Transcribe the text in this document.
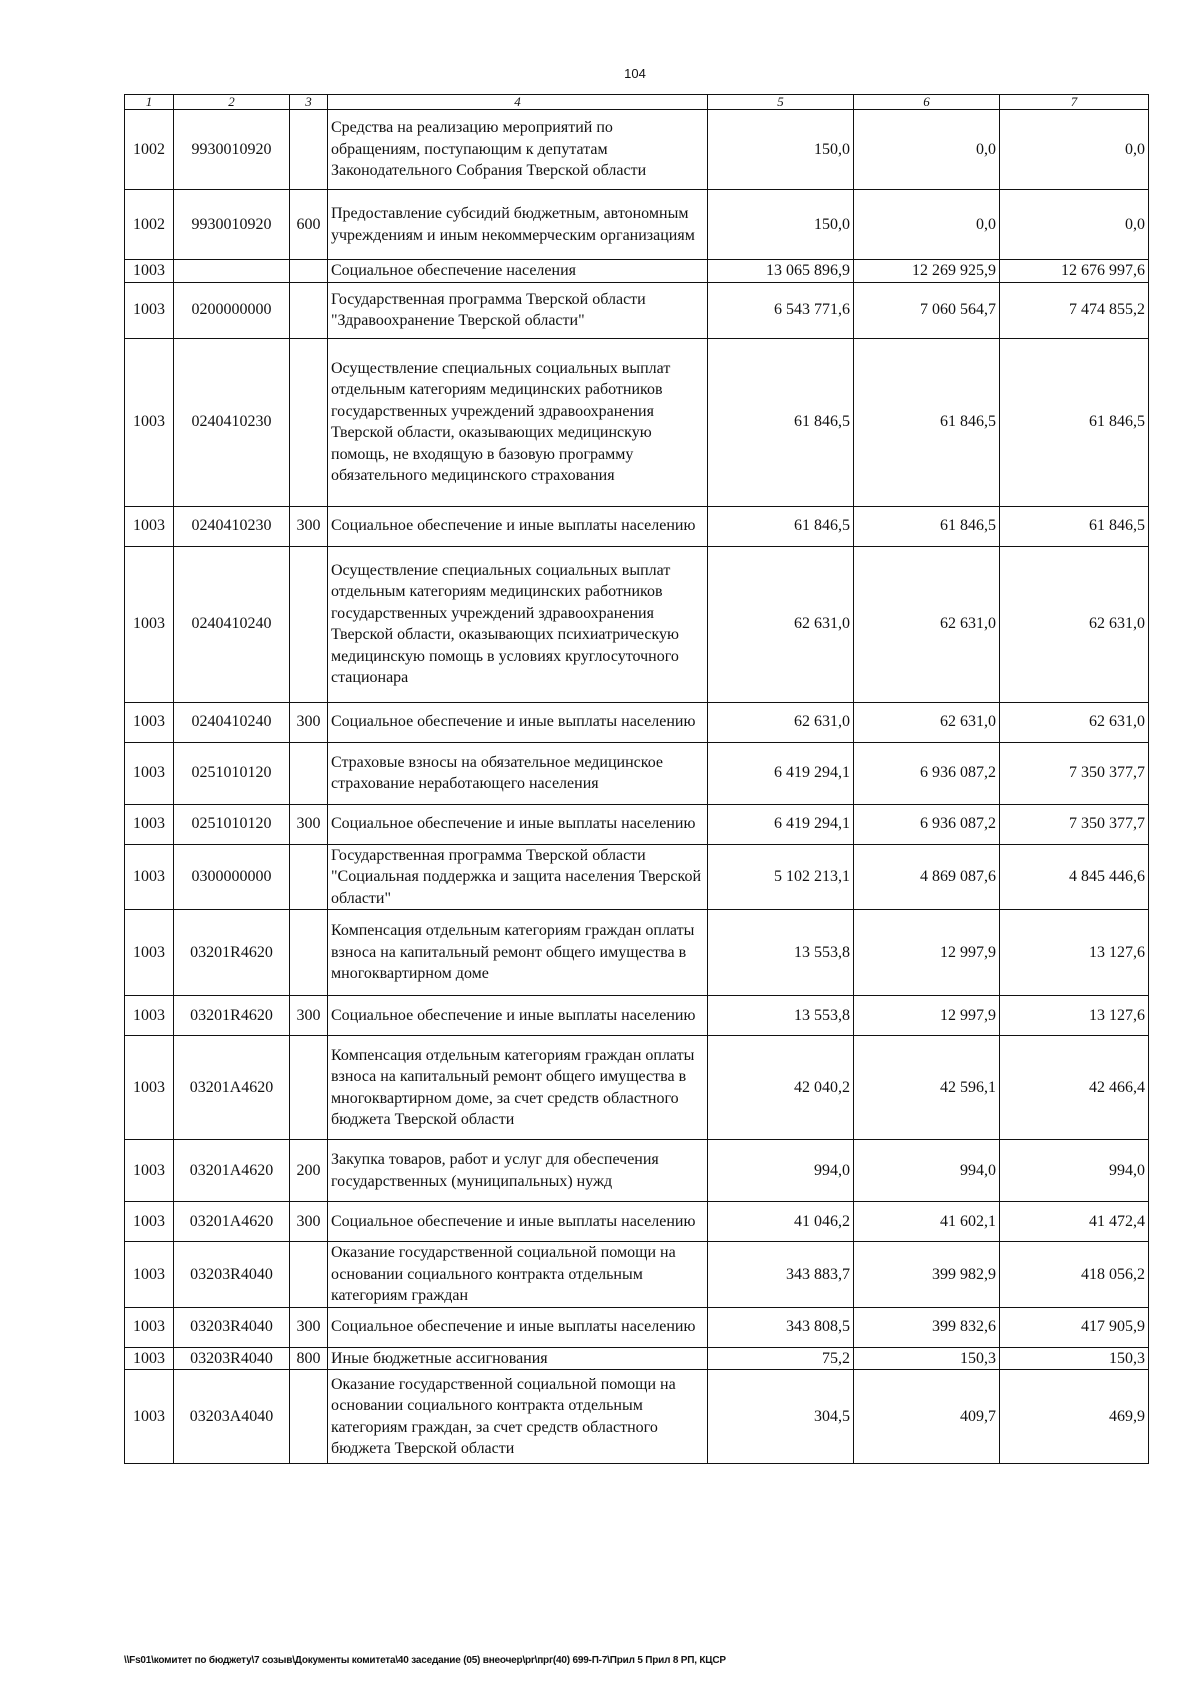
104
1	2	3	4	5	6	7
1002	9930010920		Средства на реализацию мероприятий по обращениям, поступающим к депутатам Законодательного Собрания Тверской области	150,0	0,0	0,0
1002	9930010920	600	Предоставление субсидий бюджетным, автономным учреждениям и иным некоммерческим организациям	150,0	0,0	0,0
1003			Социальное обеспечение населения	13 065 896,9	12 269 925,9	12 676 997,6
1003	0200000000		Государственная программа Тверской области "Здравоохранение Тверской области"	6 543 771,6	7 060 564,7	7 474 855,2
1003	0240410230		Осуществление специальных социальных выплат отдельным категориям медицинских работников государственных учреждений здравоохранения Тверской области, оказывающих медицинскую помощь, не входящую в базовую программу обязательного медицинского страхования	61 846,5	61 846,5	61 846,5
1003	0240410230	300	Социальное обеспечение и иные выплаты населению	61 846,5	61 846,5	61 846,5
1003	0240410240		Осуществление специальных социальных выплат отдельным категориям медицинских работников государственных учреждений здравоохранения Тверской области, оказывающих психиатрическую медицинскую помощь в условиях круглосуточного стационара	62 631,0	62 631,0	62 631,0
1003	0240410240	300	Социальное обеспечение и иные выплаты населению	62 631,0	62 631,0	62 631,0
1003	0251010120		Страховые взносы на обязательное медицинское страхование неработающего населения	6 419 294,1	6 936 087,2	7 350 377,7
1003	0251010120	300	Социальное обеспечение и иные выплаты населению	6 419 294,1	6 936 087,2	7 350 377,7
1003	0300000000		Государственная программа Тверской области "Социальная поддержка и защита населения Тверской области"	5 102 213,1	4 869 087,6	4 845 446,6
1003	03201R4620		Компенсация отдельным категориям граждан оплаты взноса на капитальный ремонт общего имущества в многоквартирном доме	13 553,8	12 997,9	13 127,6
1003	03201R4620	300	Социальное обеспечение и иные выплаты населению	13 553,8	12 997,9	13 127,6
1003	03201A4620		Компенсация отдельным категориям граждан оплаты взноса на капитальный ремонт общего имущества в многоквартирном доме, за счет средств областного бюджета Тверской области	42 040,2	42 596,1	42 466,4
1003	03201A4620	200	Закупка товаров, работ и услуг для обеспечения государственных (муниципальных) нужд	994,0	994,0	994,0
1003	03201A4620	300	Социальное обеспечение и иные выплаты населению	41 046,2	41 602,1	41 472,4
1003	03203R4040		Оказание государственной социальной помощи на основании социального контракта отдельным категориям граждан	343 883,7	399 982,9	418 056,2
1003	03203R4040	300	Социальное обеспечение и иные выплаты населению	343 808,5	399 832,6	417 905,9
1003	03203R4040	800	Иные бюджетные ассигнования	75,2	150,3	150,3
1003	03203A4040		Оказание государственной социальной помощи на основании социального контракта отдельным категориям граждан, за счет средств областного бюджета Тверской области	304,5	409,7	469,9
\\Fs01\комитет по бюджету\7 созыв\Документы комитета\40 заседание (05) внеочер\pr\прг(40) 699-П-7\Прил 5 Прил 8 РП, КЦСР
